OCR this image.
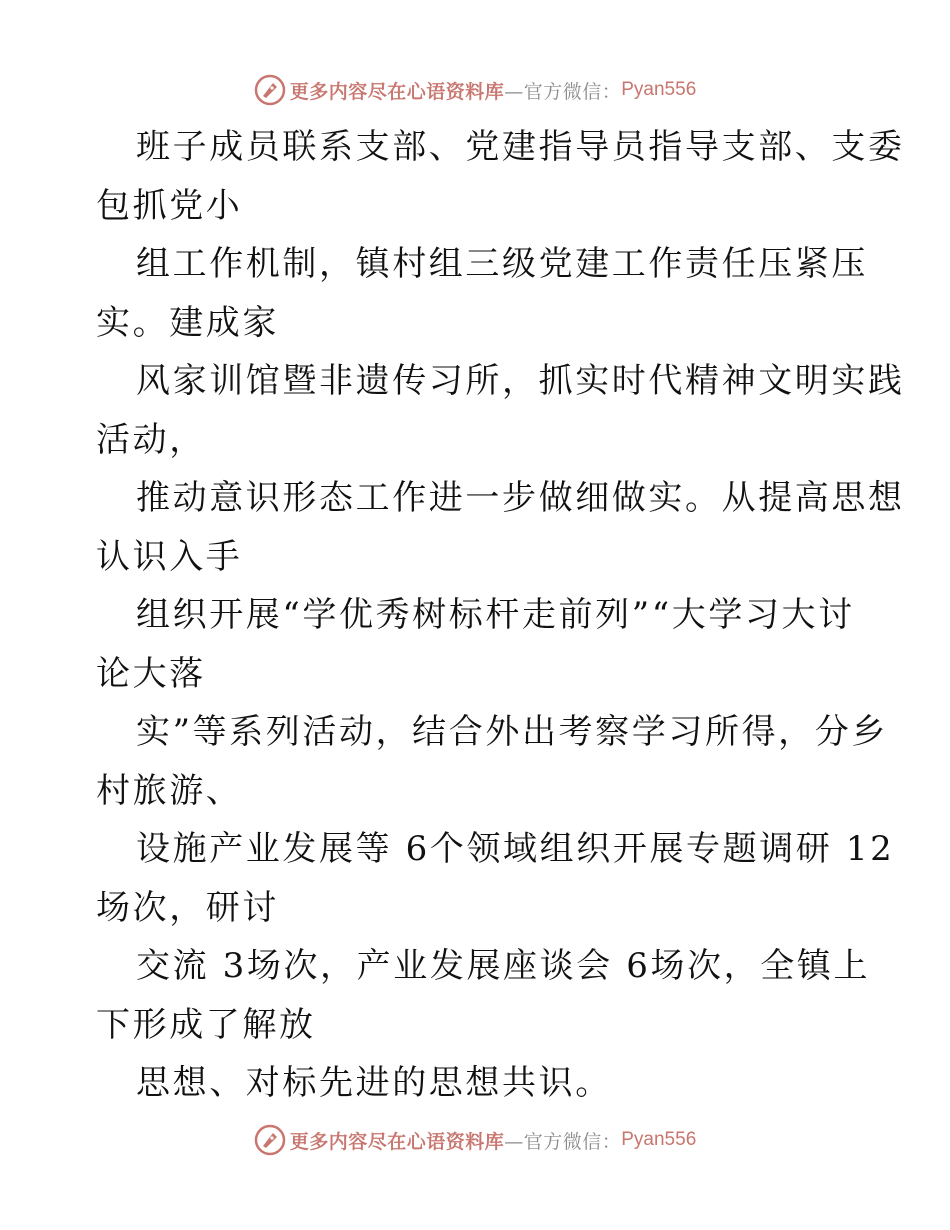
更多内容尽在心语资料库 —官方微信： Pyan556
班子成员联系支部、党建指导员指导支部、支委
包抓党小
组工作机制，镇村组三级党建工作责任压紧压
实。建成家
风家训馆暨非遗传习所，抓实时代精神文明实践
活动，
推动意识形态工作进一步做细做实。从提高思想
认识入手
组织开展“学优秀树标杆走前列”“大学习大讨
论大落
实”等系列活动，结合外出考察学习所得，分乡
村旅游、
设施产业发展等 6个领域组织开展专题调研 12
场次，研讨
交流 3场次，产业发展座谈会 6场次，全镇上
下形成了解放
思想、对标先进的思想共识。
更多内容尽在心语资料库 —官方微信： Pyan556
